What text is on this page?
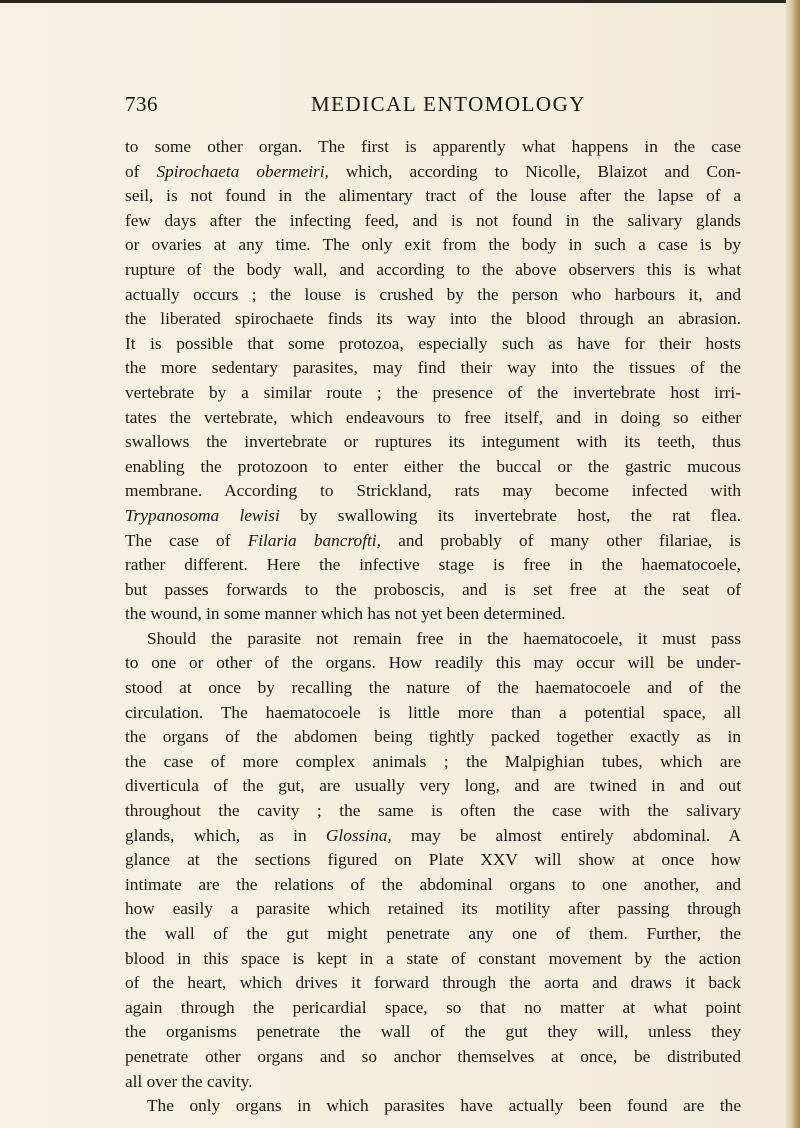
736	MEDICAL ENTOMOLOGY
to some other organ. The first is apparently what happens in the case
of Spirochaeta obermeiri, which, according to Nicolle, Blaizot and Con-
seil, is not found in the alimentary tract of the louse after the lapse of a
few days after the infecting feed, and is not found in the salivary glands
or ovaries at any time. The only exit from the body in such a case is by
rupture of the body wall, and according to the above observers this is what
actually occurs ; the louse is crushed by the person who harbours it, and
the liberated spirochaete finds its way into the blood through an abrasion.
It is possible that some protozoa, especially such as have for their hosts
the more sedentary parasites, may find their way into the tissues of the
vertebrate by a similar route ; the presence of the invertebrate host irri-
tates the vertebrate, which endeavours to free itself, and in doing so either
swallows the invertebrate or ruptures its integument with its teeth, thus
enabling the protozoon to enter either the buccal or the gastric mucous
membrane. According to Strickland, rats may become infected with
Trypanosoma lewisi by swallowing its invertebrate host, the rat flea.
The case of Filaria bancrofti, and probably of many other filariae, is
rather different. Here the infective stage is free in the haematocoele,
but passes forwards to the proboscis, and is set free at the seat of
the wound, in some manner which has not yet been determined.
Should the parasite not remain free in the haematocoele, it must pass
to one or other of the organs. How readily this may occur will be under-
stood at once by recalling the nature of the haematocoele and of the
circulation. The haematocoele is little more than a potential space, all
the organs of the abdomen being tightly packed together exactly as in
the case of more complex animals ; the Malpighian tubes, which are
diverticula of the gut, are usually very long, and are twined in and out
throughout the cavity ; the same is often the case with the salivary
glands, which, as in Glossina, may be almost entirely abdominal. A
glance at the sections figured on Plate XXV will show at once how
intimate are the relations of the abdominal organs to one another, and
how easily a parasite which retained its motility after passing through
the wall of the gut might penetrate any one of them. Further, the
blood in this space is kept in a state of constant movement by the action
of the heart, which drives it forward through the aorta and draws it back
again through the pericardial space, so that no matter at what point
the organisms penetrate the wall of the gut they will, unless they
penetrate other organs and so anchor themselves at once, be distributed
all over the cavity.
The only organs in which parasites have actually been found are the
